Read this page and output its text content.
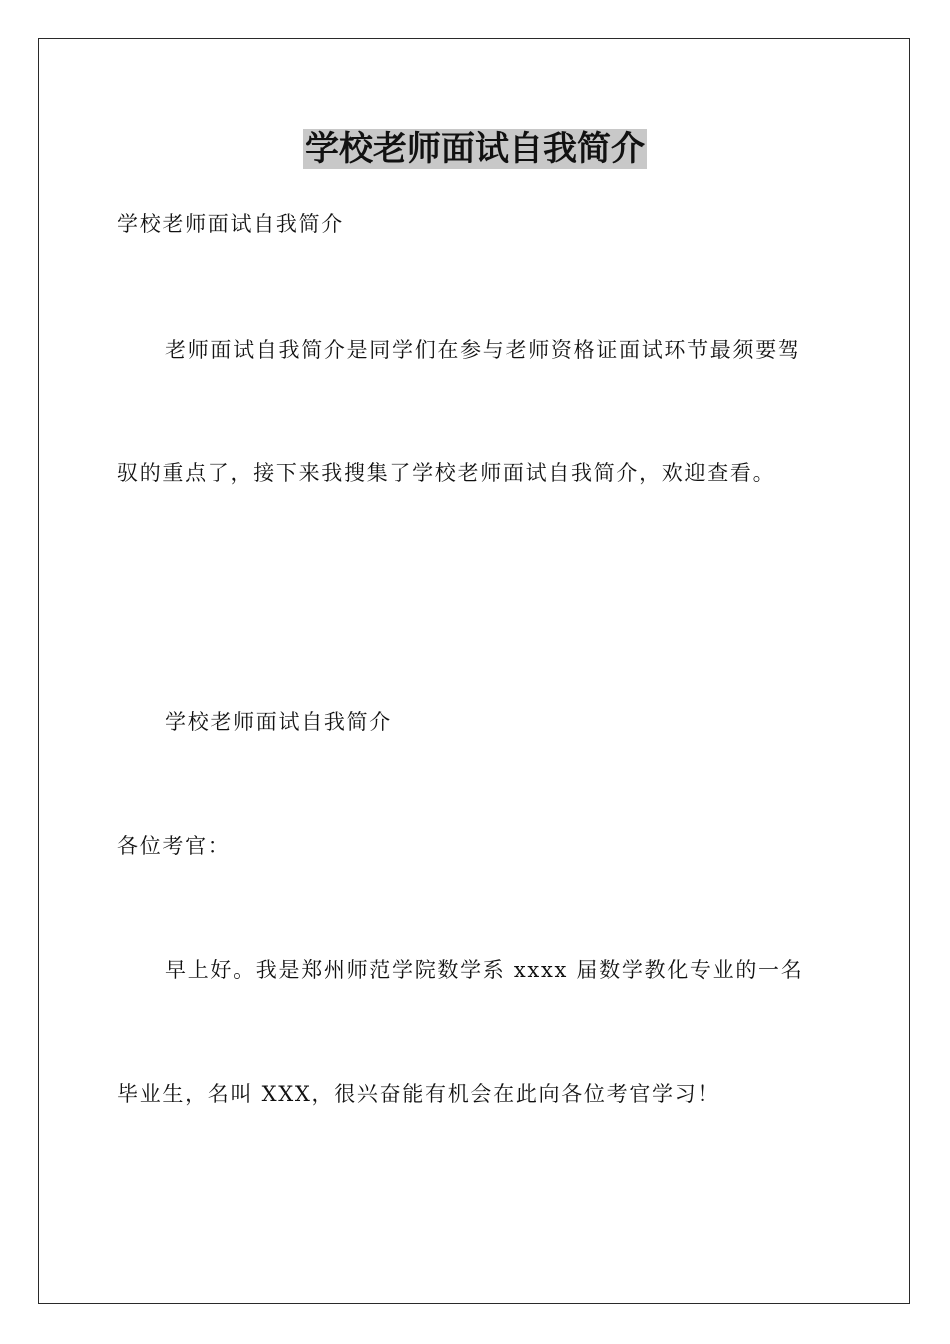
学校老师面试自我简介
学校老师面试自我简介
老师面试自我简介是同学们在参与老师资格证面试环节最须要驾
驭的重点了，接下来我搜集了学校老师面试自我简介，欢迎查看。
学校老师面试自我简介
各位考官：
早上好。我是郑州师范学院数学系 xxxx 届数学教化专业的一名
毕业生，名叫 XXX，很兴奋能有机会在此向各位考官学习！
